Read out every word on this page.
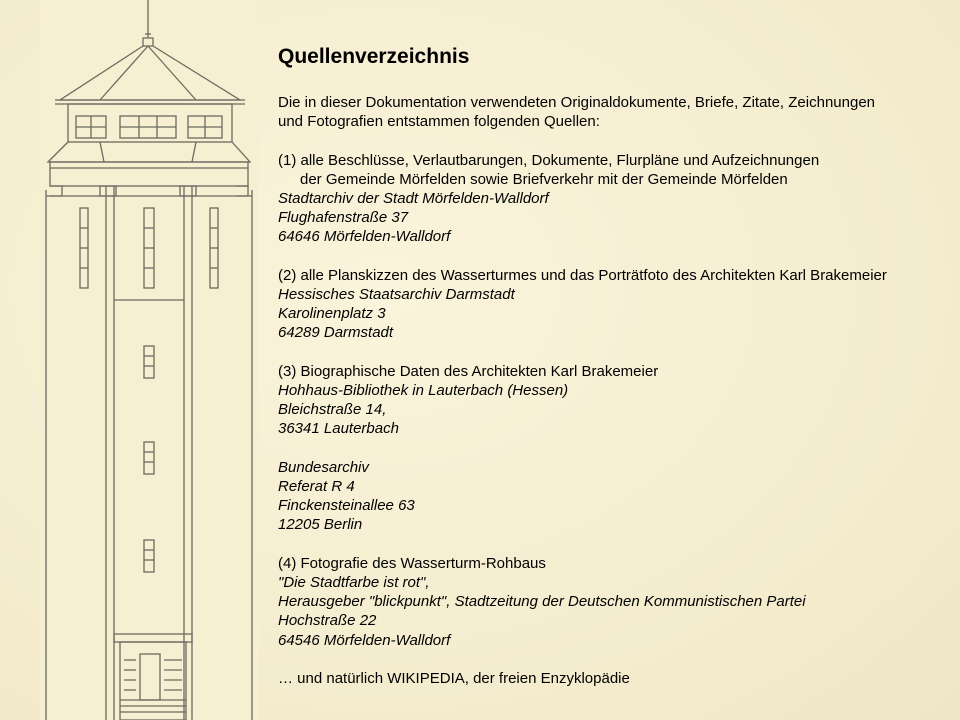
Quellenverzeichnis
Die in dieser Dokumentation verwendeten Originaldokumente, Briefe, Zitate, Zeichnungen
und Fotografien entstammen folgenden Quellen:
(1) alle Beschlüsse, Verlautbarungen, Dokumente, Flurpläne und Aufzeichnungen
der Gemeinde Mörfelden sowie Briefverkehr mit der Gemeinde Mörfelden
Stadtarchiv der Stadt Mörfelden-Walldorf
Flughafenstraße 37
64646 Mörfelden-Walldorf
(2) alle Planskizzen des Wasserturmes und das Porträtfoto des Architekten Karl Brakemeier
Hessisches Staatsarchiv Darmstadt
Karolinenplatz 3
64289 Darmstadt
(3) Biographische Daten des Architekten Karl Brakemeier
Hohhaus-Bibliothek in Lauterbach (Hessen)
Bleichstraße 14,
36341 Lauterbach
Bundesarchiv
Referat R 4
Finckensteinallee 63
12205 Berlin
(4) Fotografie des Wasserturm-Rohbaus
"Die Stadtfarbe ist rot",
Herausgeber "blickpunkt", Stadtzeitung der Deutschen Kommunistischen Partei
Hochstraße 22
64546 Mörfelden-Walldorf
… und natürlich WIKIPEDIA, der freien Enzyklopädie
